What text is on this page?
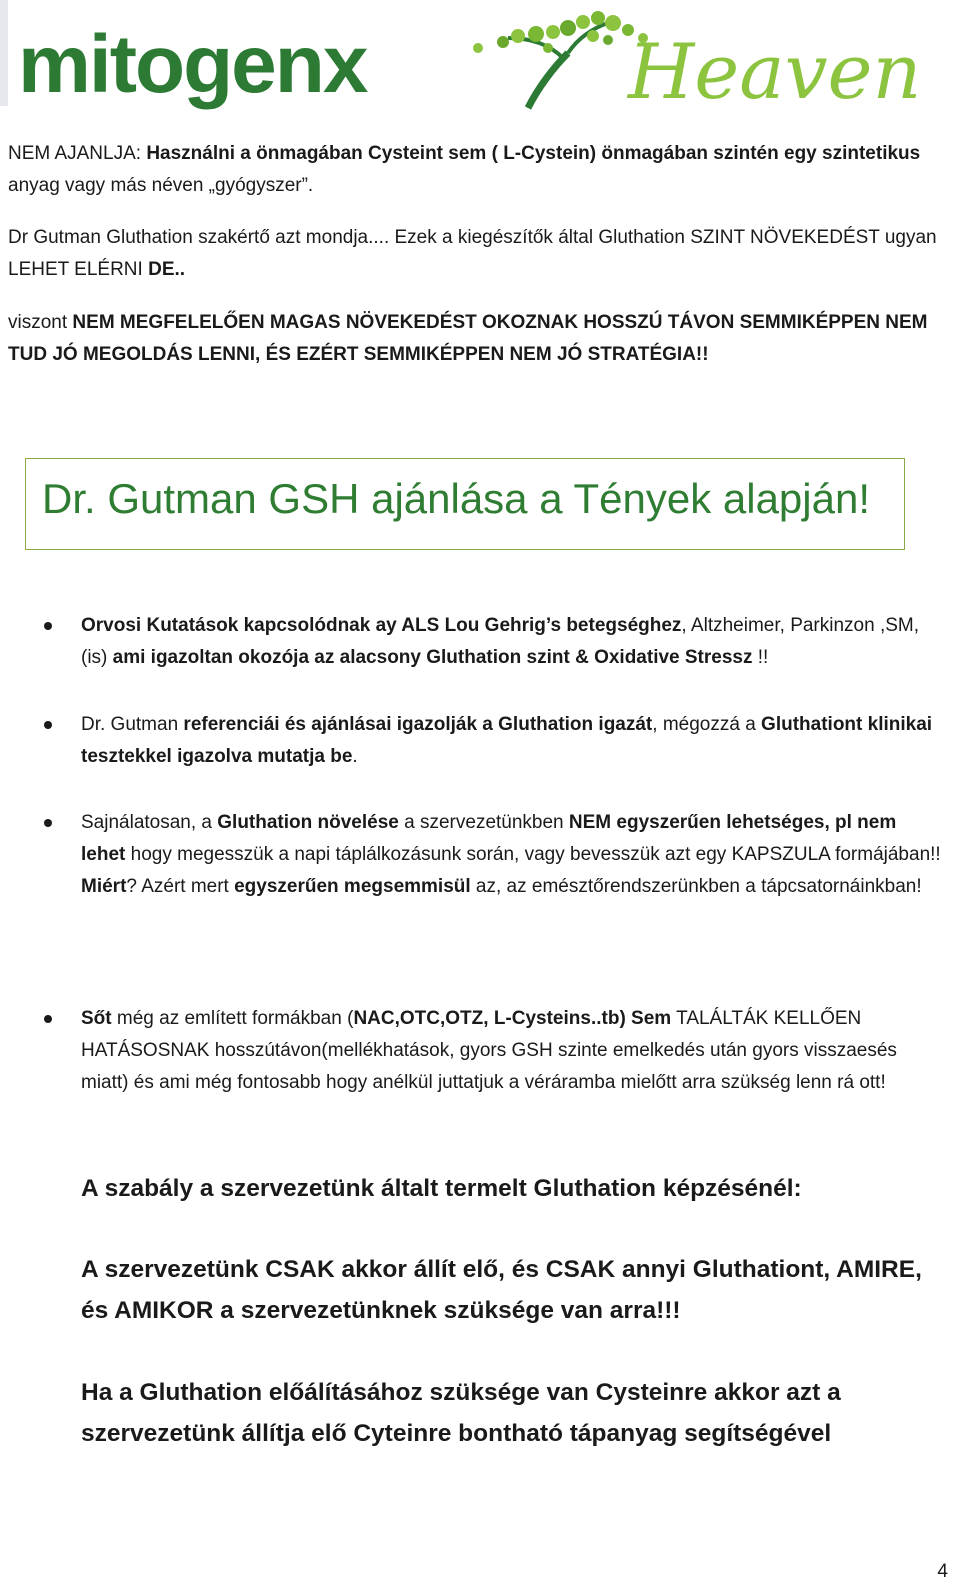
mitogenx	Heaven
NEM AJANLJA: Használni a önmagában Cysteint sem ( L-Cystein) önmagában szintén egy szintetikus anyag vagy más néven „gyógyszer”.
Dr Gutman Gluthation szakértő azt mondja.... Ezek a kiegészítők által Gluthation SZINT NÖVEKEDÉST ugyan LEHET ELÉRNI DE..
viszont NEM MEGFELELŐEN MAGAS NÖVEKEDÉST OKOZNAK HOSSZÚ TÁVON SEMMIKÉPPEN NEM TUD JÓ MEGOLDÁS LENNI, ÉS EZÉRT SEMMIKÉPPEN NEM JÓ STRATÉGIA!!
Dr. Gutman GSH ajánlása a Tények alapján!
Orvosi Kutatások kapcsolódnak ay ALS Lou Gehrig’s betegséghez, Altzheimer, Parkinzon ,SM, (is) ami igazoltan okozója az alacsony Gluthation szint & Oxidative Stressz !!
Dr. Gutman referenciái és ajánlásai igazolják a Gluthation igazát, mégozzá a Gluthationt klinikai tesztekkel igazolva mutatja be.
Sajnálatosan, a Gluthation növelése a szervezetünkben NEM egyszerűen lehetséges, pl nem lehet hogy megesszük a napi táplálkozásunk során, vagy bevesszük azt egy KAPSZULA formájában!!
Miért? Azért mert egyszerűen megsemmisül az, az emésztőrendszerünkben a tápcsatornáinkban!
Sőt még az említett formákban (NAC,OTC,OTZ, L-Cysteins..tb) Sem TALÁLTÁK KELLŐEN HATÁSOSNAK hosszútávon(mellékhatások, gyors GSH szinte emelkedés után gyors visszaesés miatt) és ami még fontosabb hogy anélkül juttatjuk a véráramba mielőtt arra szükség lenn rá ott!
A szabály a szervezetünk általt termelt Gluthation képzésénél:
A szervezetünk CSAK akkor állít elő, és CSAK annyi Gluthationt, AMIRE, és AMIKOR a szervezetünknek szüksége van arra!!!
Ha a Gluthation előálításához szüksége van Cysteinre akkor azt a szervezetünk állítja elő Cyteinre bontható tápanyag segítségével
4
